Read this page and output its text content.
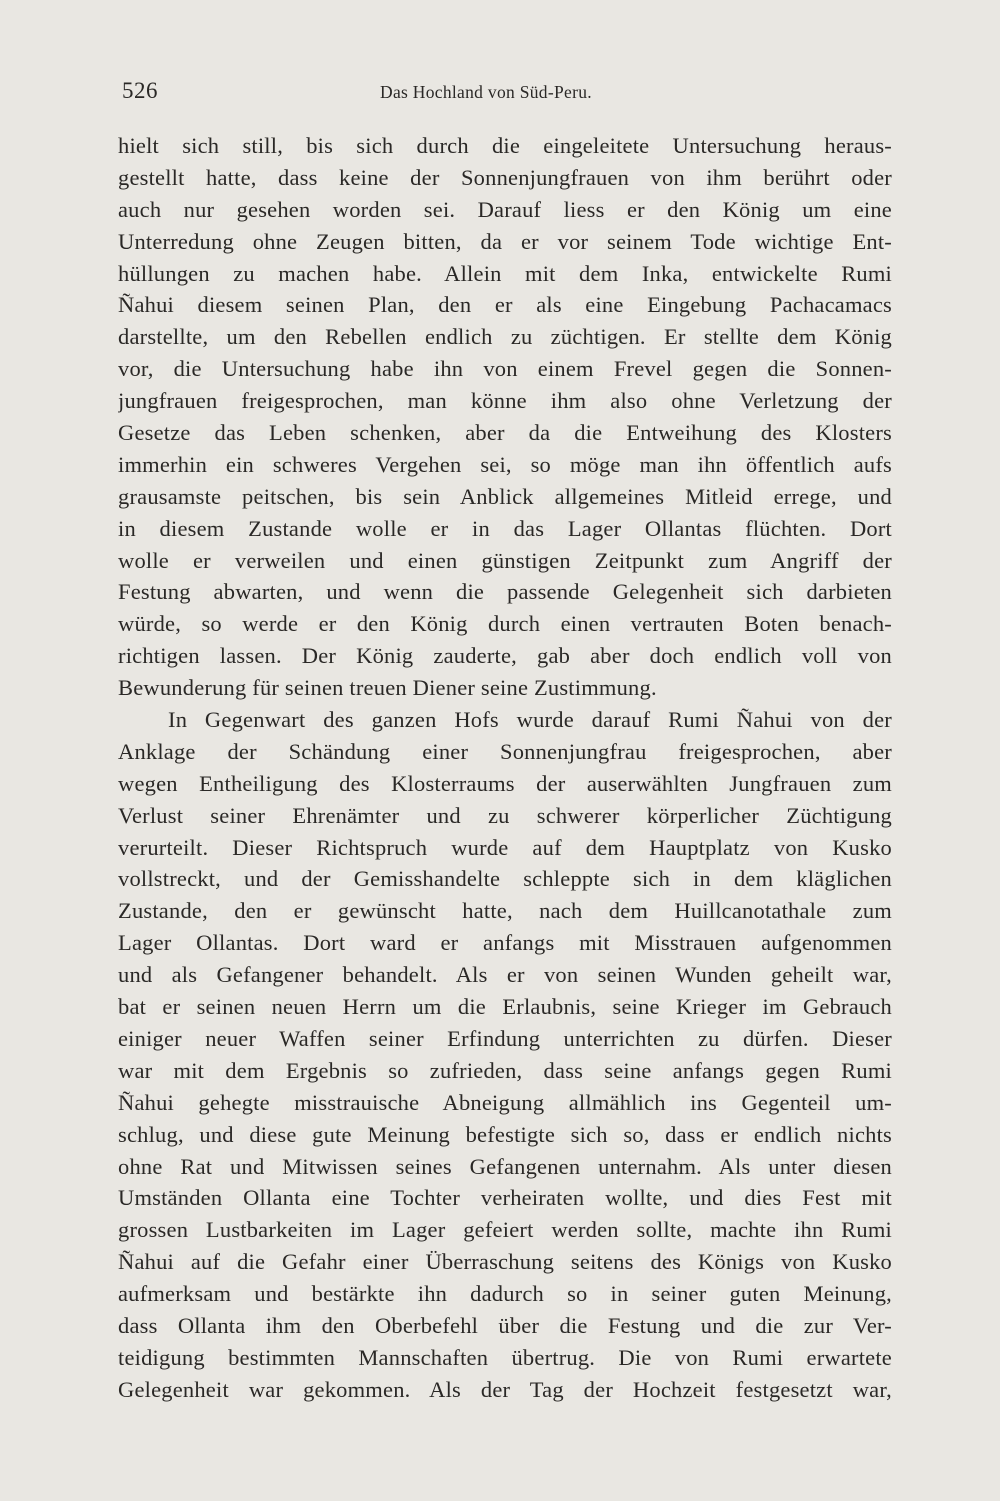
526	Das Hochland von Süd-Peru.
hielt sich still, bis sich durch die eingeleitete Untersuchung heraus-
gestellt hatte, dass keine der Sonnenjungfrauen von ihm berührt oder
auch nur gesehen worden sei. Darauf liess er den König um eine
Unterredung ohne Zeugen bitten, da er vor seinem Tode wichtige Ent-
hüllungen zu machen habe. Allein mit dem Inka, entwickelte Rumi
Ñahui diesem seinen Plan, den er als eine Eingebung Pachacamacs
darstellte, um den Rebellen endlich zu züchtigen. Er stellte dem König
vor, die Untersuchung habe ihn von einem Frevel gegen die Sonnen-
jungfrauen freigesprochen, man könne ihm also ohne Verletzung der
Gesetze das Leben schenken, aber da die Entweihung des Klosters
immerhin ein schweres Vergehen sei, so möge man ihn öffentlich aufs
grausamste peitschen, bis sein Anblick allgemeines Mitleid errege, und
in diesem Zustande wolle er in das Lager Ollantas flüchten. Dort
wolle er verweilen und einen günstigen Zeitpunkt zum Angriff der
Festung abwarten, und wenn die passende Gelegenheit sich darbieten
würde, so werde er den König durch einen vertrauten Boten benach-
richtigen lassen. Der König zauderte, gab aber doch endlich voll von
Bewunderung für seinen treuen Diener seine Zustimmung.
In Gegenwart des ganzen Hofs wurde darauf Rumi Ñahui von der
Anklage der Schändung einer Sonnenjungfrau freigesprochen, aber
wegen Entheiligung des Klosterraums der auserwählten Jungfrauen zum
Verlust seiner Ehrenämter und zu schwerer körperlicher Züchtigung
verurteilt. Dieser Richtspruch wurde auf dem Hauptplatz von Kusko
vollstreckt, und der Gemisshandelte schleppte sich in dem kläglichen
Zustande, den er gewünscht hatte, nach dem Huillcanotathale zum
Lager Ollantas. Dort ward er anfangs mit Misstrauen aufgenommen
und als Gefangener behandelt. Als er von seinen Wunden geheilt war,
bat er seinen neuen Herrn um die Erlaubnis, seine Krieger im Gebrauch
einiger neuer Waffen seiner Erfindung unterrichten zu dürfen. Dieser
war mit dem Ergebnis so zufrieden, dass seine anfangs gegen Rumi
Ñahui gehegte misstrauische Abneigung allmählich ins Gegenteil um-
schlug, und diese gute Meinung befestigte sich so, dass er endlich nichts
ohne Rat und Mitwissen seines Gefangenen unternahm. Als unter diesen
Umständen Ollanta eine Tochter verheiraten wollte, und dies Fest mit
grossen Lustbarkeiten im Lager gefeiert werden sollte, machte ihn Rumi
Ñahui auf die Gefahr einer Überraschung seitens des Königs von Kusko
aufmerksam und bestärkte ihn dadurch so in seiner guten Meinung,
dass Ollanta ihm den Oberbefehl über die Festung und die zur Ver-
teidigung bestimmten Mannschaften übertrug. Die von Rumi erwartete
Gelegenheit war gekommen. Als der Tag der Hochzeit festgesetzt war,
